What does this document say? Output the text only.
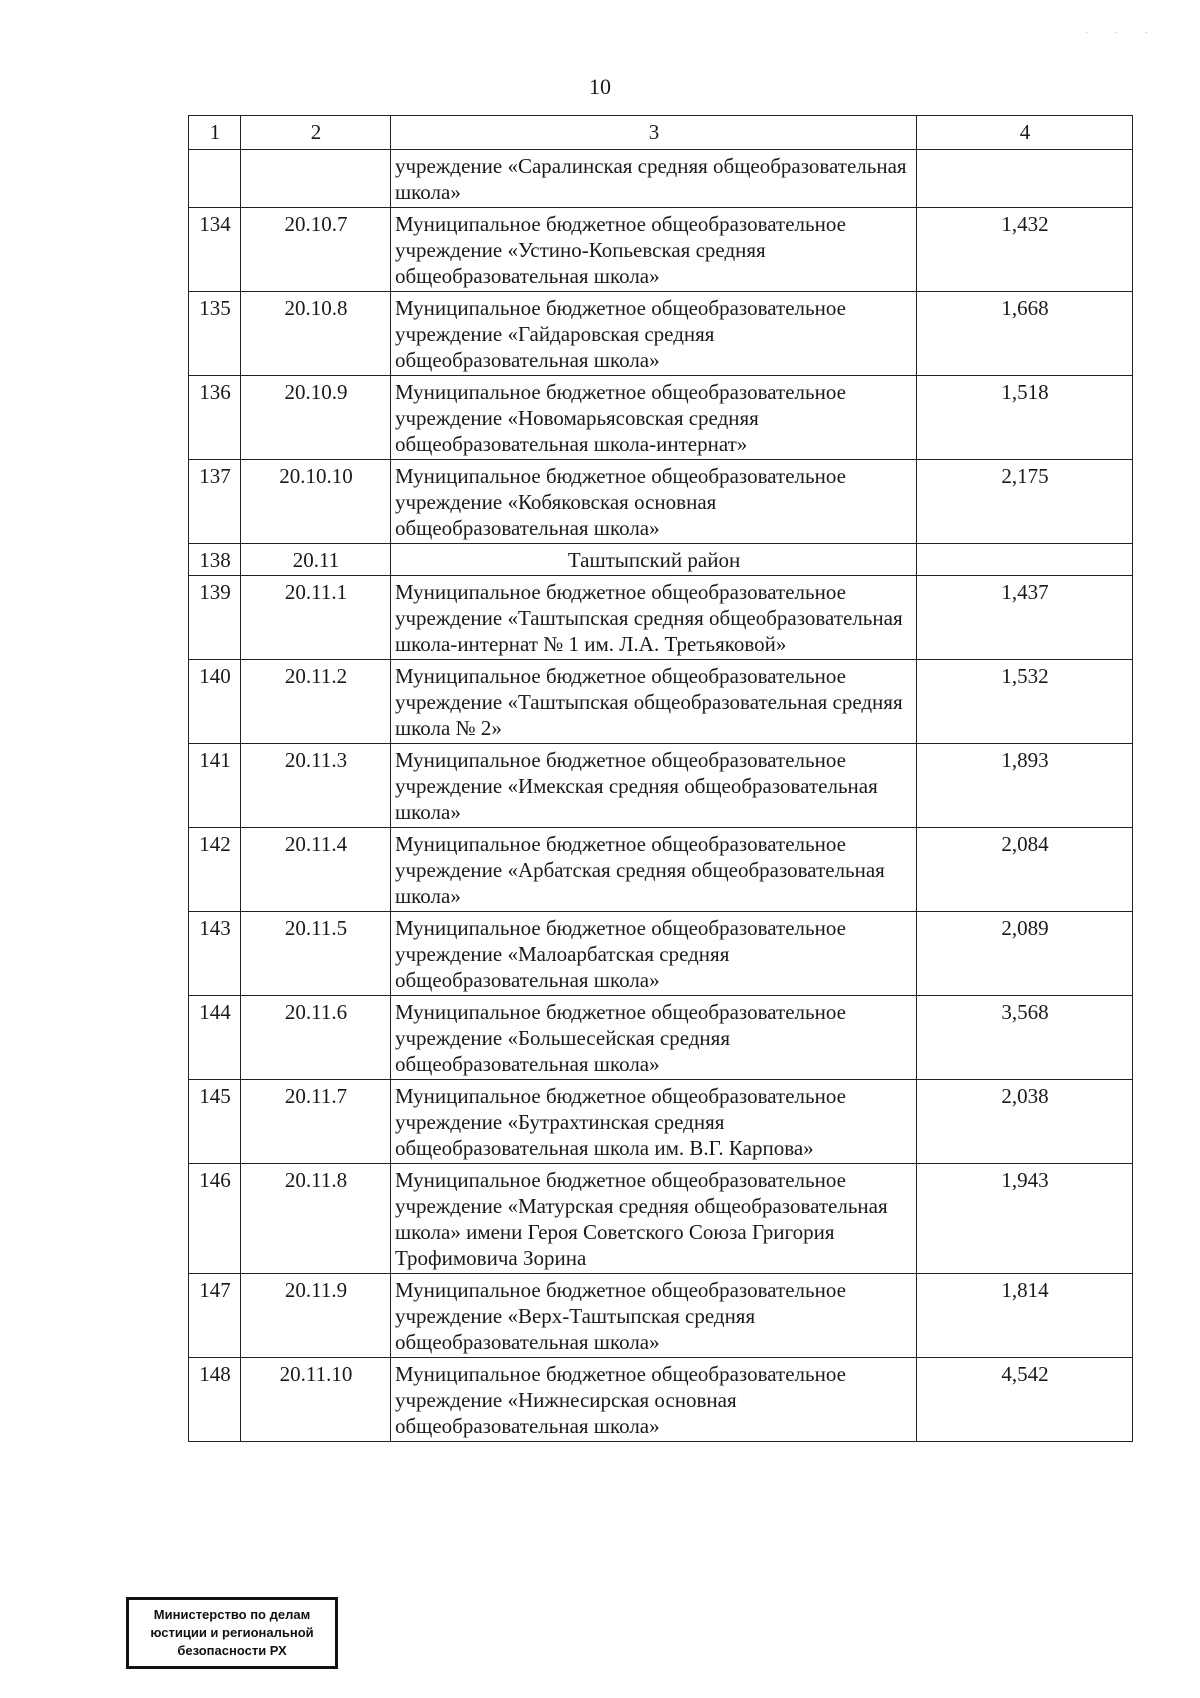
· · ·
10
1	2	3	4
		учреждение «Саралинская средняя общеобразовательная школа»	
134	20.10.7	Муниципальное бюджетное общеобразовательное учреждение «Устино-Копьевская средняя общеобразовательная школа»	1,432
135	20.10.8	Муниципальное бюджетное общеобразовательное учреждение «Гайдаровская средняя общеобразовательная школа»	1,668
136	20.10.9	Муниципальное бюджетное общеобразовательное учреждение «Новомарьясовская средняя общеобразовательная школа-интернат»	1,518
137	20.10.10	Муниципальное бюджетное общеобразовательное учреждение «Кобяковская основная общеобразовательная школа»	2,175
138	20.11	Таштыпский район	
139	20.11.1	Муниципальное бюджетное общеобразовательное учреждение «Таштыпская средняя общеобразовательная школа-интернат № 1 им. Л.А. Третьяковой»	1,437
140	20.11.2	Муниципальное бюджетное общеобразовательное учреждение «Таштыпская общеобразовательная средняя школа № 2»	1,532
141	20.11.3	Муниципальное бюджетное общеобразовательное учреждение «Имекская средняя общеобразовательная школа»	1,893
142	20.11.4	Муниципальное бюджетное общеобразовательное учреждение «Арбатская средняя общеобразовательная школа»	2,084
143	20.11.5	Муниципальное бюджетное общеобразовательное учреждение «Малоарбатская средняя общеобразовательная школа»	2,089
144	20.11.6	Муниципальное бюджетное общеобразовательное учреждение «Большесейская средняя общеобразовательная школа»	3,568
145	20.11.7	Муниципальное бюджетное общеобразовательное учреждение «Бутрахтинская средняя общеобразовательная школа им. В.Г. Карпова»	2,038
146	20.11.8	Муниципальное бюджетное общеобразовательное учреждение «Матурская средняя общеобразовательная школа» имени Героя Советского Союза Григория Трофимовича Зорина	1,943
147	20.11.9	Муниципальное бюджетное общеобразовательное учреждение «Верх-Таштыпская средняя общеобразовательная школа»	1,814
148	20.11.10	Муниципальное бюджетное общеобразовательное учреждение «Нижнесирская основная общеобразовательная школа»	4,542
Министерство по делам
юстиции и региональной
безопасности РХ
